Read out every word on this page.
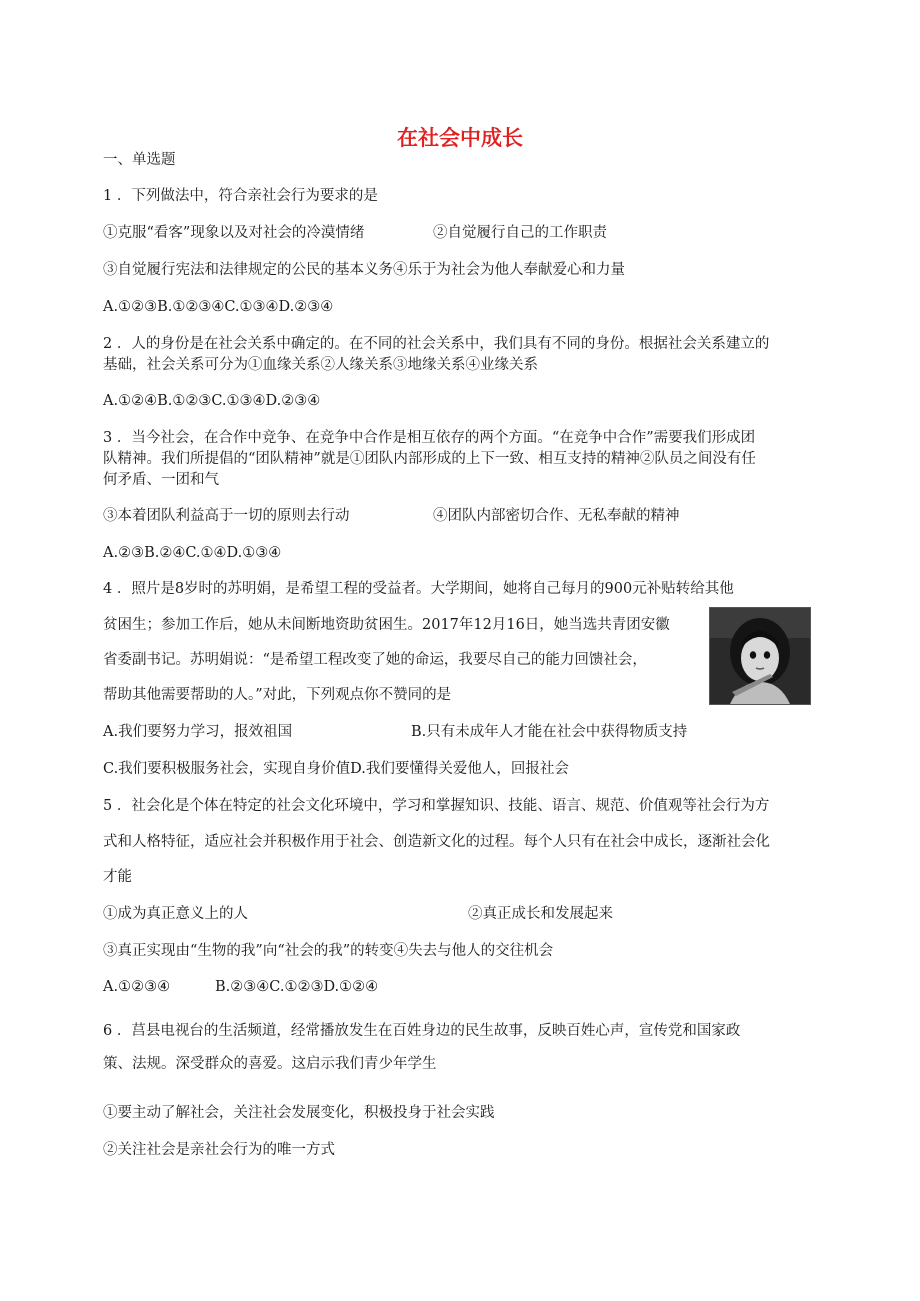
在社会中成长

一、单选题

1 ．下列做法中，符合亲社会行为要求的是

①克服“看客”现象以及对社会的冷漠情绪	②自觉履行自己的工作职责

③自觉履行宪法和法律规定的公民的基本义务④乐于为社会为他人奉献爱心和力量

A.①②③B.①②③④C.①③④D.②③④

2 ．人的身份是在社会关系中确定的。在不同的社会关系中，我们具有不同的身份。根据社会关系建立的

基础，社会关系可分为①血缘关系②人缘关系③地缘关系④业缘关系

A.①②④B.①②③C.①③④D.②③④

3 ．当今社会，在合作中竞争、在竞争中合作是相互依存的两个方面。“在竞争中合作”需要我们形成团

队精神。我们所提倡的“团队精神”就是①团队内部形成的上下一致、相互支持的精神②队员之间没有任

何矛盾、一团和气

③本着团队利益高于一切的原则去行动	④团队内部密切合作、无私奉献的精神

A.②③B.②④C.①④D.①③④

4 ．照片是8岁时的苏明娟，是希望工程的受益者。大学期间，她将自己每月的900元补贴转给其他

贫困生；参加工作后，她从未间断地资助贫困生。2017年12月16日，她当选共青团安徽

省委副书记。苏明娟说：“是希望工程改变了她的命运，我要尽自己的能力回馈社会，

帮助其他需要帮助的人。”对此，下列观点你不赞同的是

A.我们要努力学习，报效祖国	B.只有未成年人才能在社会中获得物质支持

C.我们要积极服务社会，实现自身价值D.我们要懂得关爱他人，回报社会

5 ．社会化是个体在特定的社会文化环境中，学习和掌握知识、技能、语言、规范、价值观等社会行为方

式和人格特征，适应社会并积极作用于社会、创造新文化的过程。每个人只有在社会中成长，逐渐社会化

才能

①成为真正意义上的人	②真正成长和发展起来

③真正实现由“生物的我”向“社会的我”的转变④失去与他人的交往机会

A.①②③④	B.②③④C.①②③D.①②④

6 ．莒县电视台的生活频道，经常播放发生在百姓身边的民生故事，反映百姓心声，宣传党和国家政

策、法规。深受群众的喜爱。这启示我们青少年学生

①要主动了解社会，关注社会发展变化，积极投身于社会实践

②关注社会是亲社会行为的唯一方式
